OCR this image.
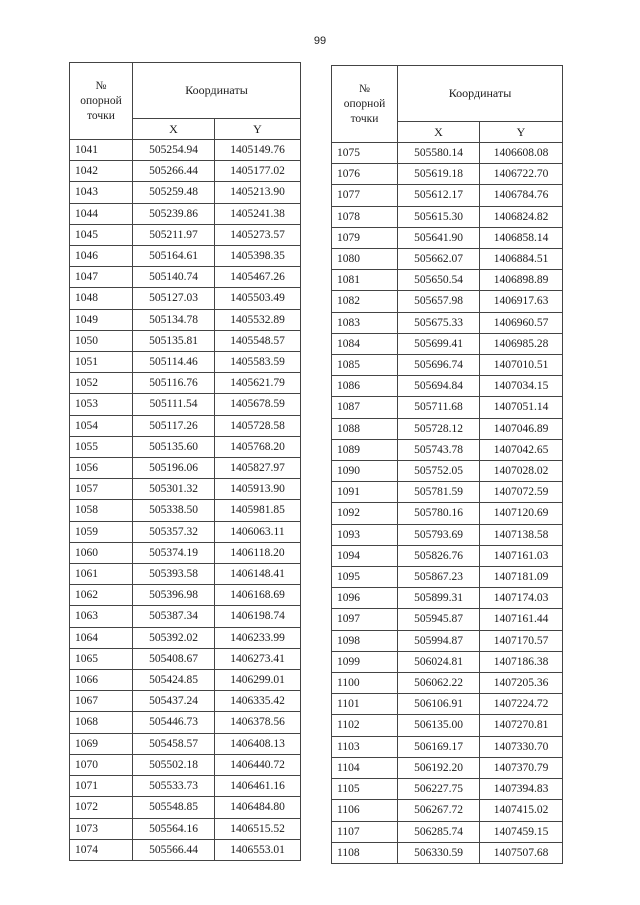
99
№
опорной
точки	Координаты	
	X	Y
1041	505254.94	1405149.76
1042	505266.44	1405177.02
1043	505259.48	1405213.90
1044	505239.86	1405241.38
1045	505211.97	1405273.57
1046	505164.61	1405398.35
1047	505140.74	1405467.26
1048	505127.03	1405503.49
1049	505134.78	1405532.89
1050	505135.81	1405548.57
1051	505114.46	1405583.59
1052	505116.76	1405621.79
1053	505111.54	1405678.59
1054	505117.26	1405728.58
1055	505135.60	1405768.20
1056	505196.06	1405827.97
1057	505301.32	1405913.90
1058	505338.50	1405981.85
1059	505357.32	1406063.11
1060	505374.19	1406118.20
1061	505393.58	1406148.41
1062	505396.98	1406168.69
1063	505387.34	1406198.74
1064	505392.02	1406233.99
1065	505408.67	1406273.41
1066	505424.85	1406299.01
1067	505437.24	1406335.42
1068	505446.73	1406378.56
1069	505458.57	1406408.13
1070	505502.18	1406440.72
1071	505533.73	1406461.16
1072	505548.85	1406484.80
1073	505564.16	1406515.52
1074	505566.44	1406553.01
№
опорной
точки	Координаты	
	X	Y
1075	505580.14	1406608.08
1076	505619.18	1406722.70
1077	505612.17	1406784.76
1078	505615.30	1406824.82
1079	505641.90	1406858.14
1080	505662.07	1406884.51
1081	505650.54	1406898.89
1082	505657.98	1406917.63
1083	505675.33	1406960.57
1084	505699.41	1406985.28
1085	505696.74	1407010.51
1086	505694.84	1407034.15
1087	505711.68	1407051.14
1088	505728.12	1407046.89
1089	505743.78	1407042.65
1090	505752.05	1407028.02
1091	505781.59	1407072.59
1092	505780.16	1407120.69
1093	505793.69	1407138.58
1094	505826.76	1407161.03
1095	505867.23	1407181.09
1096	505899.31	1407174.03
1097	505945.87	1407161.44
1098	505994.87	1407170.57
1099	506024.81	1407186.38
1100	506062.22	1407205.36
1101	506106.91	1407224.72
1102	506135.00	1407270.81
1103	506169.17	1407330.70
1104	506192.20	1407370.79
1105	506227.75	1407394.83
1106	506267.72	1407415.02
1107	506285.74	1407459.15
1108	506330.59	1407507.68
